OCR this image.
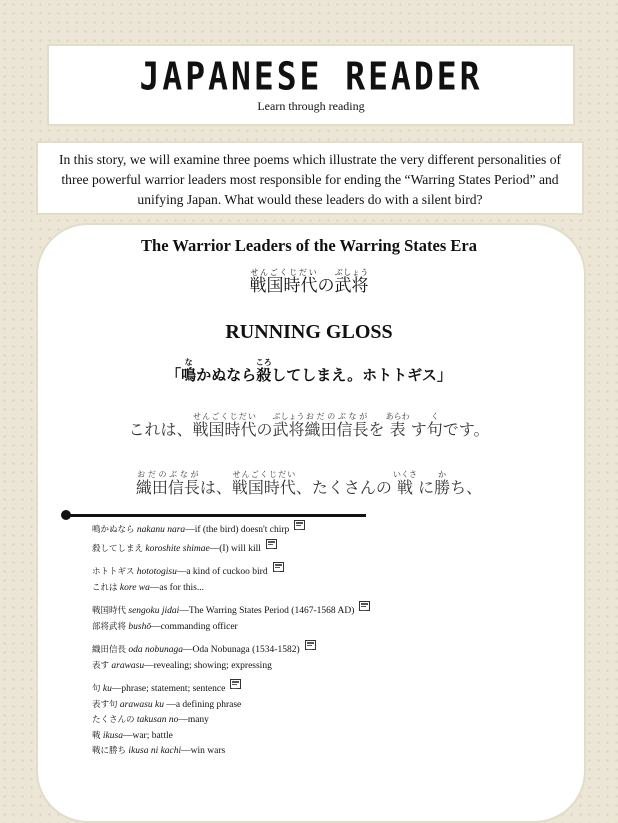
JAPANESE READER
Learn through reading
In this story, we will examine three poems which illustrate the very different personalities of three powerful warrior leaders most responsible for ending the “Warring States Period” and unifying Japan. What would these leaders do with a silent bird?
The Warrior Leaders of the Warring States Era
戦国時代せんごくじだいの武将ぶしょう
RUNNING GLOSS
「鳴なかぬなら殺ころしてしまえ。ホトトギス」
これは、戦国時代せんごくじだいの武将ぶしょう織田信長おだのぶながを 表あらわ す句くです。
織田信長おだのぶながは、戦国時代せんごくじだい、たくさんの 戦いくさ に勝かち、
鳴かぬなら nakanu nara—if (the bird) doesn't chirp
殺してしまえ koroshite shimae—(I) will kill
ホトトギス hototogisu—a kind of cuckoo bird
これは kore wa—as for this...
戦国時代 sengoku jidai—The Warring States Period (1467-1568 AD)
部将武将 bushō—commanding officer
織田信長 oda nobunaga—Oda Nobunaga (1534-1582)
表す arawasu—revealing; showing; expressing
句 ku—phrase; statement; sentence
表す句 arawasu ku —a defining phrase
たくさんの takusan no—many
戦 ikusa—war; battle
戦に勝ち ikusa ni kachi—win wars
